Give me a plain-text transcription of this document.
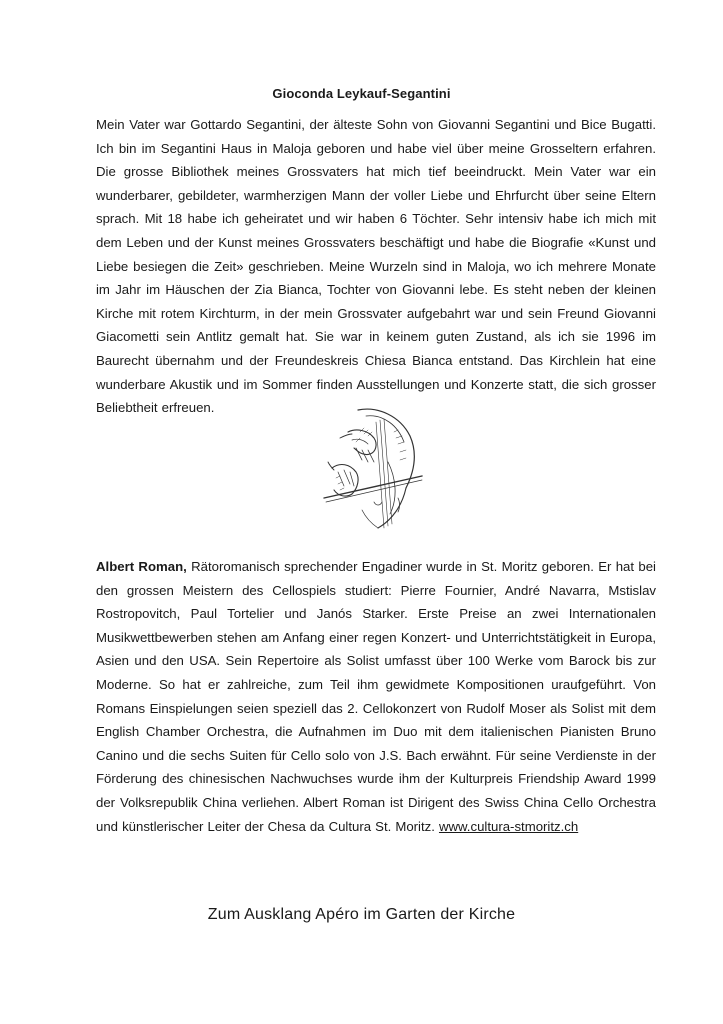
Gioconda Leykauf-Segantini
Mein Vater war Gottardo Segantini, der älteste Sohn von Giovanni Segantini und Bice Bugatti. Ich bin im Segantini Haus in Maloja geboren und habe viel über meine Grosseltern erfahren. Die grosse Bibliothek meines Grossvaters hat mich tief beeindruckt. Mein Vater war ein wunderbarer, gebildeter, warmherzigen Mann der voller Liebe und Ehrfurcht über seine Eltern sprach. Mit 18 habe ich geheiratet und wir haben 6 Töchter. Sehr intensiv habe ich mich mit dem Leben und der Kunst meines Grossvaters beschäftigt und habe die Biografie «Kunst und Liebe besiegen die Zeit» geschrieben. Meine Wurzeln sind in Maloja, wo ich mehrere Monate im Jahr im Häuschen der Zia Bianca, Tochter von Giovanni lebe. Es steht neben der kleinen Kirche mit rotem Kirchturm, in der mein Grossvater aufgebahrt war und sein Freund Giovanni Giacometti sein Antlitz gemalt hat. Sie war in keinem guten Zustand, als ich sie 1996 im Baurecht übernahm und der Freundeskreis Chiesa Bianca entstand. Das Kirchlein hat eine wunderbare Akustik und im Sommer finden Ausstellungen und Konzerte statt, die sich grosser Beliebtheit erfreuen.
Albert Roman, Rätoromanisch sprechender Engadiner wurde in St. Moritz geboren. Er hat bei den grossen Meistern des Cellospiels studiert: Pierre Fournier, André Navarra, Mstislav Rostropovitch, Paul Tortelier und Janós Starker. Erste Preise an zwei Internationalen Musikwettbewerben stehen am Anfang einer regen Konzert- und Unterrichtstätigkeit in Europa, Asien und den USA. Sein Repertoire als Solist umfasst über 100 Werke vom Barock bis zur Moderne. So hat er zahlreiche, zum Teil ihm gewidmete Kompositionen uraufgeführt. Von Romans Einspielungen seien speziell das 2. Cellokonzert von Rudolf Moser als Solist mit dem English Chamber Orchestra, die Aufnahmen im Duo mit dem italienischen Pianisten Bruno Canino und die sechs Suiten für Cello solo von J.S. Bach erwähnt. Für seine Verdienste in der Förderung des chinesischen Nachwuchses wurde ihm der Kulturpreis Friendship Award 1999 der Volksrepublik China verliehen. Albert Roman ist Dirigent des Swiss China Cello Orchestra und künstlerischer Leiter der Chesa da Cultura St. Moritz. www.cultura-stmoritz.ch
Zum Ausklang Apéro im Garten der Kirche
